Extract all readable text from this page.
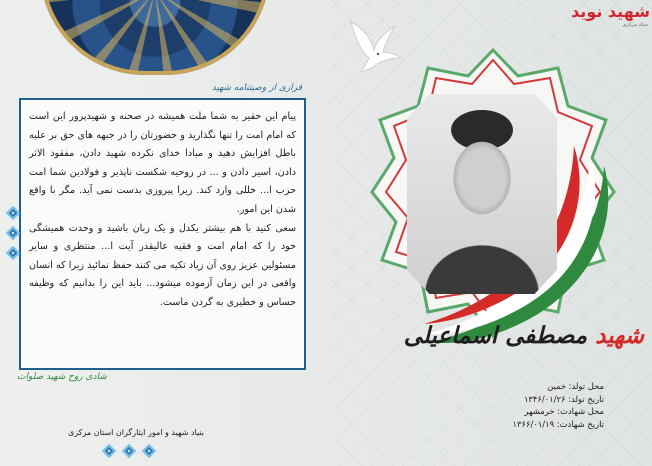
شهید نوید
ستاد مرکزی
فرازی از وصیتنامه شهید

پیام این حقیر به شما ملت همیشه در صحنه و شهیدپرور این است که امام امت را تنها نگذارید و حضورتان را در جبهه های حق بر علیه باطل افزایش دهید و مبادا خدای نکرده شهید دادن، مفقود الاثر دادن، اسیر دادن و ... در روحیه شکست ناپذیر و فولادین شما امت حزب ا... خللی وارد کند. زیرا پیروزی بدست نمی آید. مگر با واقع شدن این امور.

سعی کنید با هم بیشتر یکدل و یک زبان باشید و وحدت همیشگی خود را که امام امت و فقیه عالیقدر آیت ا... منتظری و سایر مسئولین عزیز روی آن زیاد تکیه می کنند حفظ نمائید زیرا که انسان واقعی در این زمان آزموده میشود... باید این را بدانیم که وظیفه حساس و خطیری به گردن ماست.

شادی روح شهید صلوات
بنیاد شهید و امور ایثارگران استان مرکزی
شهید مصطفی اسماعیلی
محل تولد: خمین
تاریخ تولد: ۱۳۴۶/۰۱/۲۶
محل شهادت: خرمشهر
تاریخ شهادت: ۱۳۶۶/۰۱/۱۹
